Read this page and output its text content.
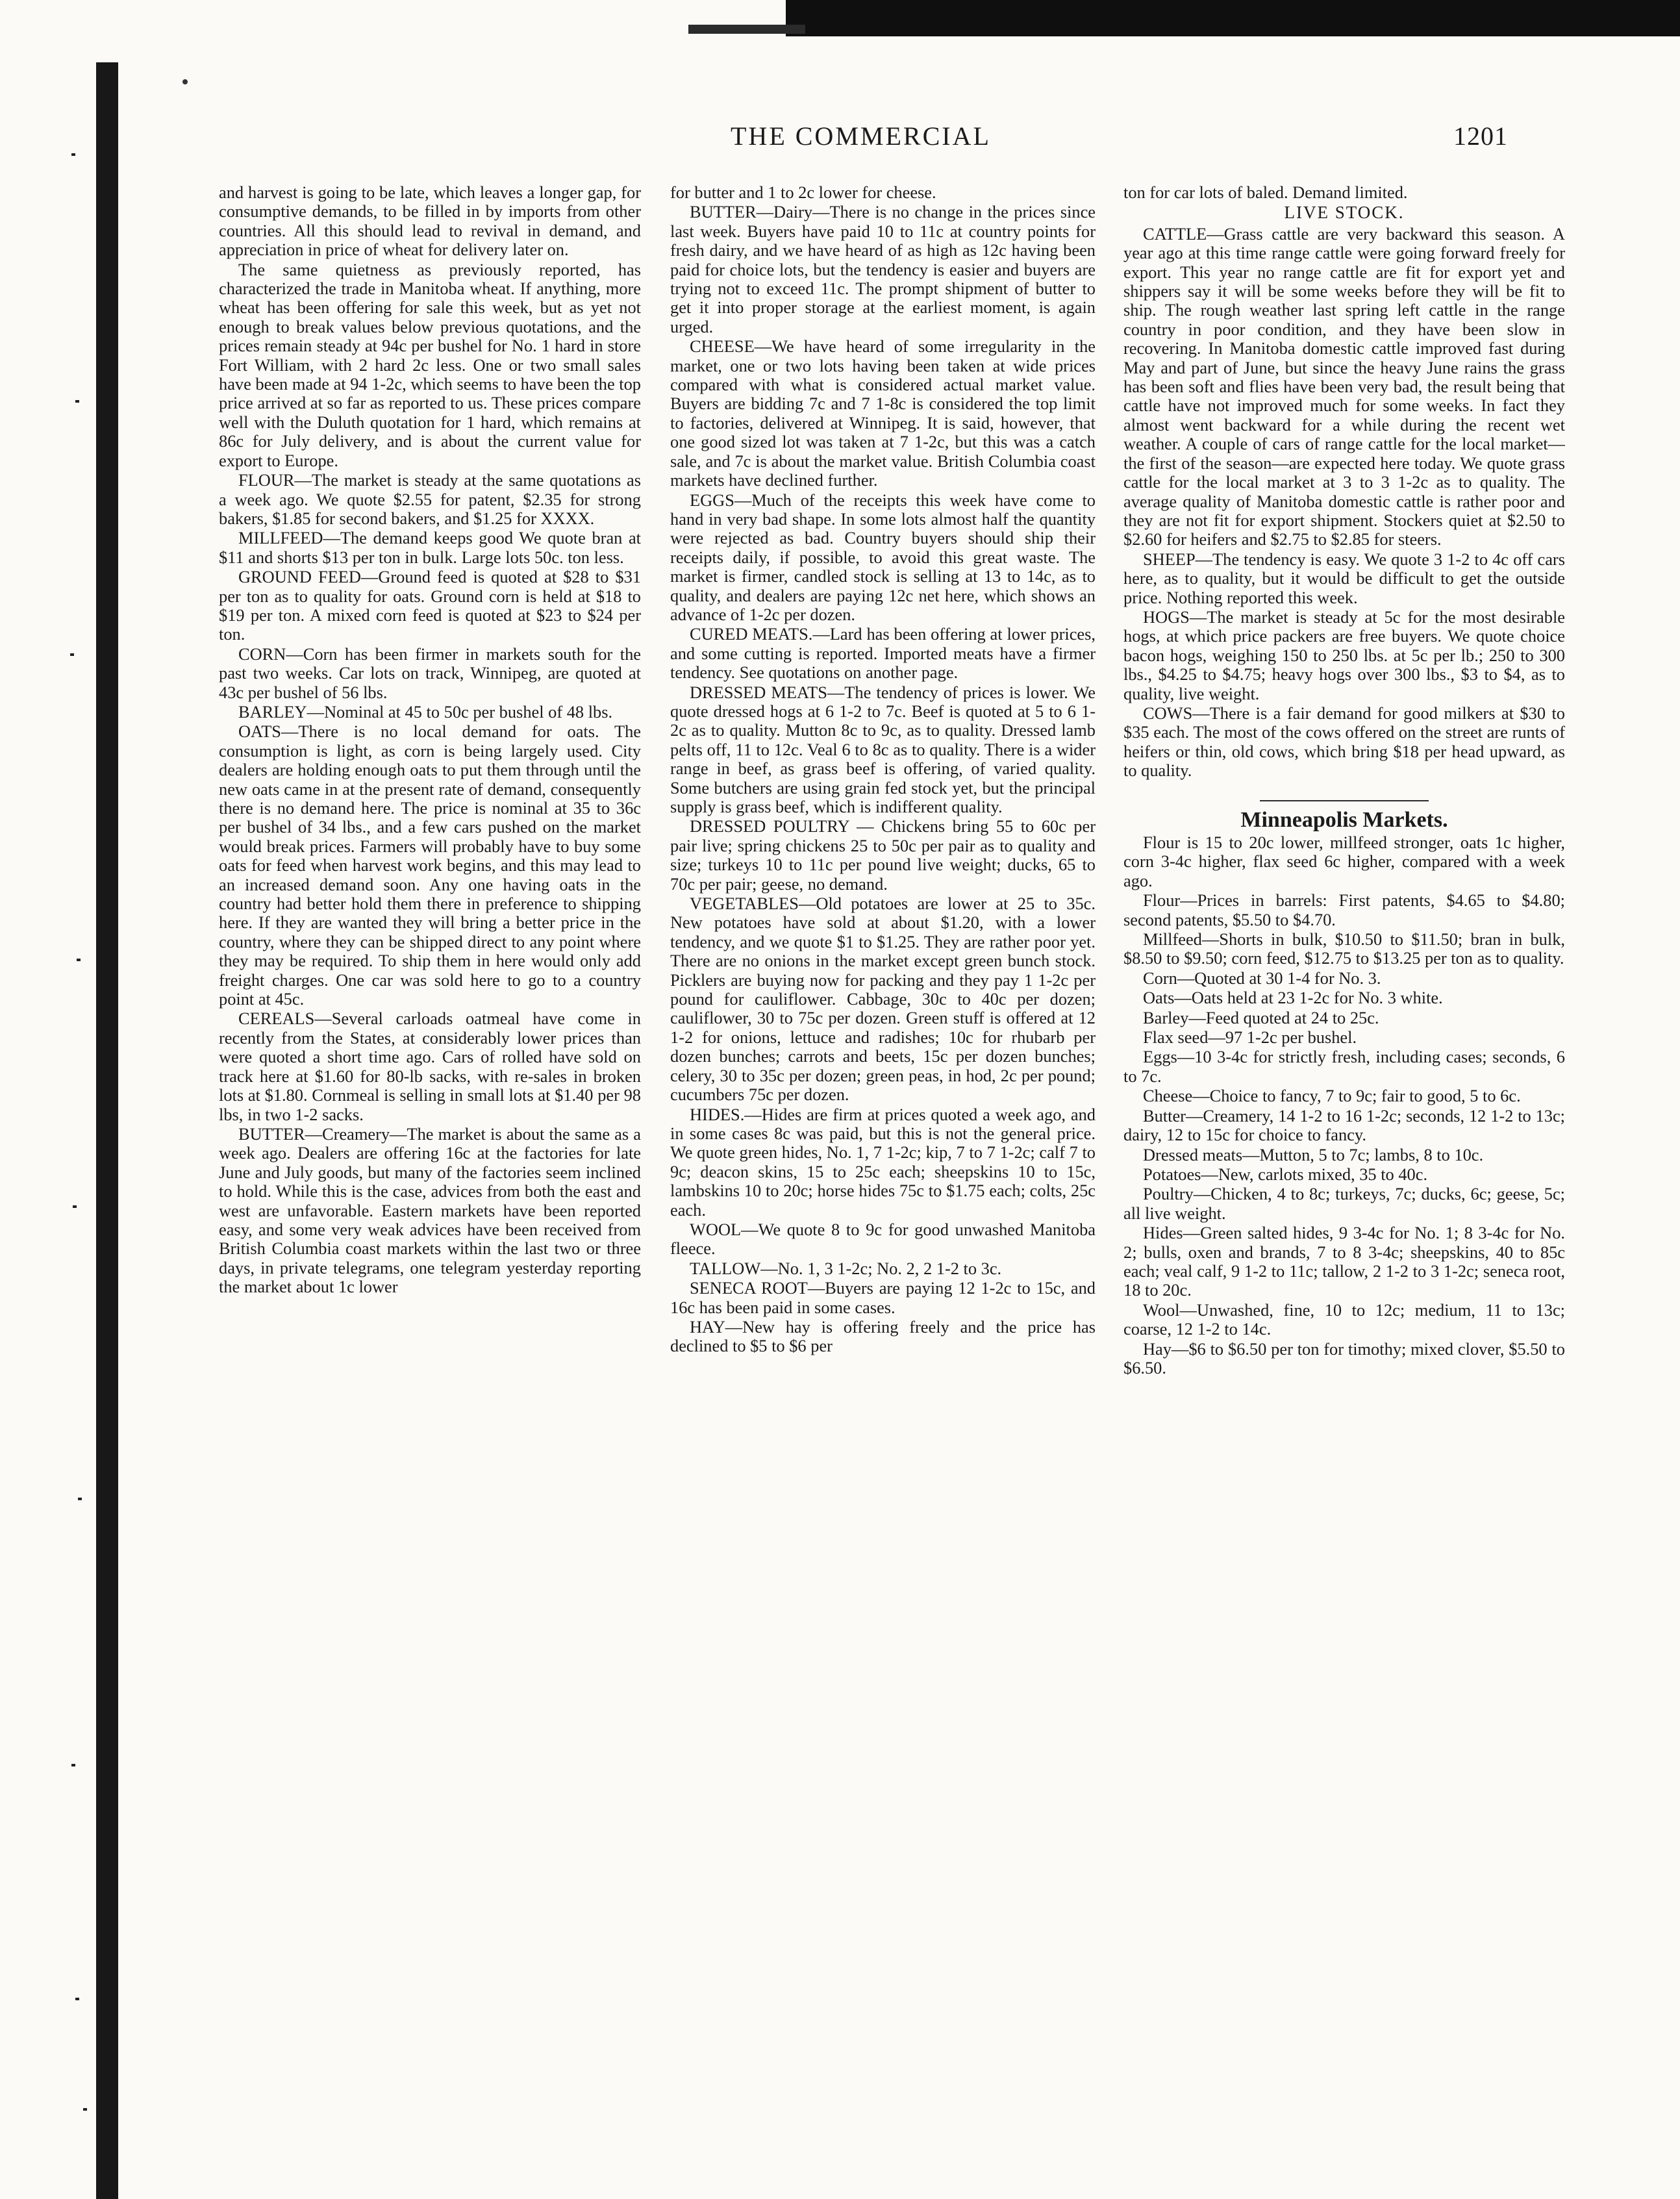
THE COMMERCIAL	1201

and harvest is going to be late, which leaves a longer gap, for consumptive demands, to be filled in by imports from other countries. All this should lead to revival in demand, and appreciation in price of wheat for delivery later on.

The same quietness as previously reported, has characterized the trade in Manitoba wheat. If anything, more wheat has been offering for sale this week, but as yet not enough to break values below previous quotations, and the prices remain steady at 94c per bushel for No. 1 hard in store Fort William, with 2 hard 2c less. One or two small sales have been made at 94 1-2c, which seems to have been the top price arrived at so far as reported to us. These prices compare well with the Duluth quotation for 1 hard, which remains at 86c for July delivery, and is about the current value for export to Europe.

FLOUR—The market is steady at the same quotations as a week ago. We quote $2.55 for patent, $2.35 for strong bakers, $1.85 for second bakers, and $1.25 for XXXX.

MILLFEED—The demand keeps good We quote bran at $11 and shorts $13 per ton in bulk. Large lots 50c. ton less.

GROUND FEED—Ground feed is quoted at $28 to $31 per ton as to quality for oats. Ground corn is held at $18 to $19 per ton. A mixed corn feed is quoted at $23 to $24 per ton.

CORN—Corn has been firmer in markets south for the past two weeks. Car lots on track, Winnipeg, are quoted at 43c per bushel of 56 lbs.

BARLEY—Nominal at 45 to 50c per bushel of 48 lbs.

OATS—There is no local demand for oats. The consumption is light, as corn is being largely used. City dealers are holding enough oats to put them through until the new oats came in at the present rate of demand, consequently there is no demand here. The price is nominal at 35 to 36c per bushel of 34 lbs., and a few cars pushed on the market would break prices. Farmers will probably have to buy some oats for feed when harvest work begins, and this may lead to an increased demand soon. Any one having oats in the country had better hold them there in preference to shipping here. If they are wanted they will bring a better price in the country, where they can be shipped direct to any point where they may be required. To ship them in here would only add freight charges. One car was sold here to go to a country point at 45c.

CEREALS—Several carloads oatmeal have come in recently from the States, at considerably lower prices than were quoted a short time ago. Cars of rolled have sold on track here at $1.60 for 80-lb sacks, with re-sales in broken lots at $1.80. Cornmeal is selling in small lots at $1.40 per 98 lbs, in two 1-2 sacks.

BUTTER—Creamery—The market is about the same as a week ago. Dealers are offering 16c at the factories for late June and July goods, but many of the factories seem inclined to hold. While this is the case, advices from both the east and west are unfavorable. Eastern markets have been reported easy, and some very weak advices have been received from British Columbia coast markets within the last two or three days, in private telegrams, one telegram yesterday reporting the market about 1c lower

for butter and 1 to 2c lower for cheese.

BUTTER—Dairy—There is no change in the prices since last week. Buyers have paid 10 to 11c at country points for fresh dairy, and we have heard of as high as 12c having been paid for choice lots, but the tendency is easier and buyers are trying not to exceed 11c. The prompt shipment of butter to get it into proper storage at the earliest moment, is again urged.

CHEESE—We have heard of some irregularity in the market, one or two lots having been taken at wide prices compared with what is considered actual market value. Buyers are bidding 7c and 7 1-8c is considered the top limit to factories, delivered at Winnipeg. It is said, however, that one good sized lot was taken at 7 1-2c, but this was a catch sale, and 7c is about the market value. British Columbia coast markets have declined further.

EGGS—Much of the receipts this week have come to hand in very bad shape. In some lots almost half the quantity were rejected as bad. Country buyers should ship their receipts daily, if possible, to avoid this great waste. The market is firmer, candled stock is selling at 13 to 14c, as to quality, and dealers are paying 12c net here, which shows an advance of 1-2c per dozen.

CURED MEATS.—Lard has been offering at lower prices, and some cutting is reported. Imported meats have a firmer tendency. See quotations on another page.

DRESSED MEATS—The tendency of prices is lower. We quote dressed hogs at 6 1-2 to 7c. Beef is quoted at 5 to 6 1-2c as to quality. Mutton 8c to 9c, as to quality. Dressed lamb pelts off, 11 to 12c. Veal 6 to 8c as to quality. There is a wider range in beef, as grass beef is offering, of varied quality. Some butchers are using grain fed stock yet, but the principal supply is grass beef, which is indifferent quality.

DRESSED POULTRY — Chickens bring 55 to 60c per pair live; spring chickens 25 to 50c per pair as to quality and size; turkeys 10 to 11c per pound live weight; ducks, 65 to 70c per pair; geese, no demand.

VEGETABLES—Old potatoes are lower at 25 to 35c. New potatoes have sold at about $1.20, with a lower tendency, and we quote $1 to $1.25. They are rather poor yet. There are no onions in the market except green bunch stock. Picklers are buying now for packing and they pay 1 1-2c per pound for cauliflower. Cabbage, 30c to 40c per dozen; cauliflower, 30 to 75c per dozen. Green stuff is offered at 12 1-2 for onions, lettuce and radishes; 10c for rhubarb per dozen bunches; carrots and beets, 15c per dozen bunches; celery, 30 to 35c per dozen; green peas, in hod, 2c per pound; cucumbers 75c per dozen.

HIDES.—Hides are firm at prices quoted a week ago, and in some cases 8c was paid, but this is not the general price. We quote green hides, No. 1, 7 1-2c; kip, 7 to 7 1-2c; calf 7 to 9c; deacon skins, 15 to 25c each; sheepskins 10 to 15c, lambskins 10 to 20c; horse hides 75c to $1.75 each; colts, 25c each.

WOOL—We quote 8 to 9c for good unwashed Manitoba fleece.

TALLOW—No. 1, 3 1-2c; No. 2, 2 1-2 to 3c.

SENECA ROOT—Buyers are paying 12 1-2c to 15c, and 16c has been paid in some cases.

HAY—New hay is offering freely and the price has declined to $5 to $6 per

ton for car lots of baled. Demand limited.

LIVE STOCK.

CATTLE—Grass cattle are very backward this season. A year ago at this time range cattle were going forward freely for export. This year no range cattle are fit for export yet and shippers say it will be some weeks before they will be fit to ship. The rough weather last spring left cattle in the range country in poor condition, and they have been slow in recovering. In Manitoba domestic cattle improved fast during May and part of June, but since the heavy June rains the grass has been soft and flies have been very bad, the result being that cattle have not improved much for some weeks. In fact they almost went backward for a while during the recent wet weather. A couple of cars of range cattle for the local market—the first of the season—are expected here today. We quote grass cattle for the local market at 3 to 3 1-2c as to quality. The average quality of Manitoba domestic cattle is rather poor and they are not fit for export shipment. Stockers quiet at $2.50 to $2.60 for heifers and $2.75 to $2.85 for steers.

SHEEP—The tendency is easy. We quote 3 1-2 to 4c off cars here, as to quality, but it would be difficult to get the outside price. Nothing reported this week.

HOGS—The market is steady at 5c for the most desirable hogs, at which price packers are free buyers. We quote choice bacon hogs, weighing 150 to 250 lbs. at 5c per lb.; 250 to 300 lbs., $4.25 to $4.75; heavy hogs over 300 lbs., $3 to $4, as to quality, live weight.

COWS—There is a fair demand for good milkers at $30 to $35 each. The most of the cows offered on the street are runts of heifers or thin, old cows, which bring $18 per head upward, as to quality.

Minneapolis Markets.

Flour is 15 to 20c lower, millfeed stronger, oats 1c higher, corn 3-4c higher, flax seed 6c higher, compared with a week ago.

Flour—Prices in barrels: First patents, $4.65 to $4.80; second patents, $5.50 to $4.70.

Millfeed—Shorts in bulk, $10.50 to $11.50; bran in bulk, $8.50 to $9.50; corn feed, $12.75 to $13.25 per ton as to quality.

Corn—Quoted at 30 1-4 for No. 3.

Oats—Oats held at 23 1-2c for No. 3 white.

Barley—Feed quoted at 24 to 25c.

Flax seed—97 1-2c per bushel.

Eggs—10 3-4c for strictly fresh, including cases; seconds, 6 to 7c.

Cheese—Choice to fancy, 7 to 9c; fair to good, 5 to 6c.

Butter—Creamery, 14 1-2 to 16 1-2c; seconds, 12 1-2 to 13c; dairy, 12 to 15c for choice to fancy.

Dressed meats—Mutton, 5 to 7c; lambs, 8 to 10c.

Potatoes—New, carlots mixed, 35 to 40c.

Poultry—Chicken, 4 to 8c; turkeys, 7c; ducks, 6c; geese, 5c; all live weight.

Hides—Green salted hides, 9 3-4c for No. 1; 8 3-4c for No. 2; bulls, oxen and brands, 7 to 8 3-4c; sheepskins, 40 to 85c each; veal calf, 9 1-2 to 11c; tallow, 2 1-2 to 3 1-2c; seneca root, 18 to 20c.

Wool—Unwashed, fine, 10 to 12c; medium, 11 to 13c; coarse, 12 1-2 to 14c.

Hay—$6 to $6.50 per ton for timothy; mixed clover, $5.50 to $6.50.
